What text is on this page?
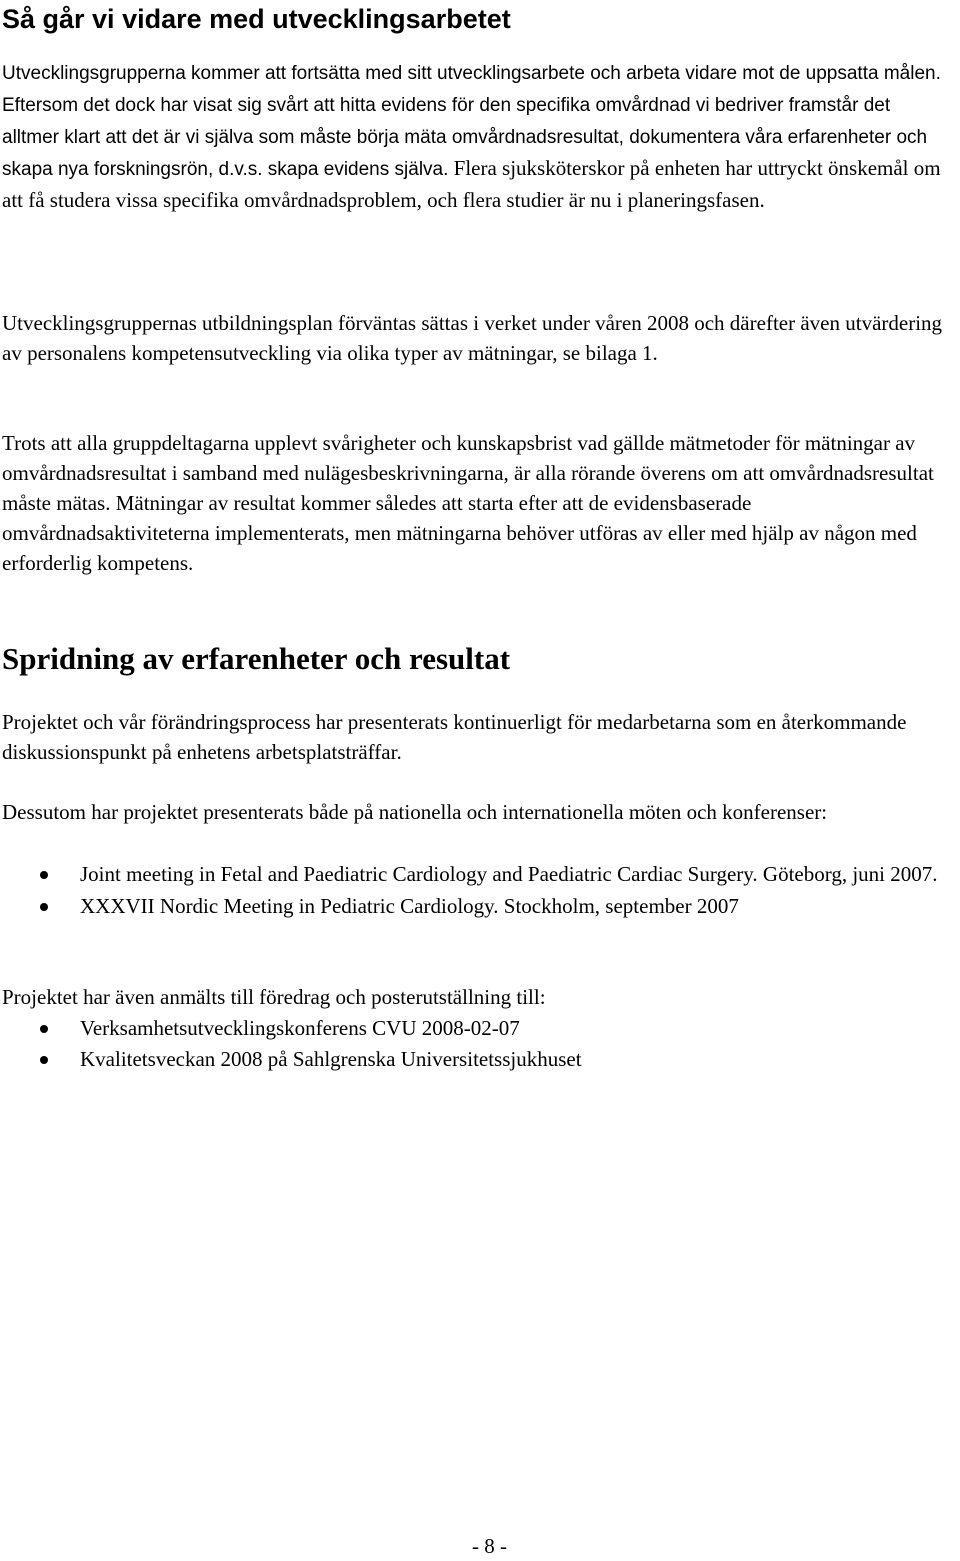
Så går vi vidare med utvecklingsarbetet

Utvecklingsgrupperna kommer att fortsätta med sitt utvecklingsarbete och arbeta vidare mot de uppsatta målen. Eftersom det dock har visat sig svårt att hitta evidens för den specifika omvårdnad vi bedriver framstår det alltmer klart att det är vi själva som måste börja mäta omvårdnadsresultat, dokumentera våra erfarenheter och skapa nya forskningsrön, d.v.s. skapa evidens själva. Flera sjuksköterskor på enheten har uttryckt önskemål om att få studera vissa specifika omvårdnadsproblem, och flera studier är nu i planeringsfasen.

Utvecklingsgruppernas utbildningsplan förväntas sättas i verket under våren 2008 och därefter även utvärdering av personalens kompetensutveckling via olika typer av mätningar, se bilaga 1.

Trots att alla gruppdeltagarna upplevt svårigheter och kunskapsbrist vad gällde mätmetoder för mätningar av omvårdnadsresultat i samband med nulägesbeskrivningarna, är alla rörande överens om att omvårdnadsresultat måste mätas. Mätningar av resultat kommer således att starta efter att de evidensbaserade omvårdnadsaktiviteterna implementerats, men mätningarna behöver utföras av eller med hjälp av någon med erforderlig kompetens.

Spridning av erfarenheter och resultat

Projektet och vår förändringsprocess har presenterats kontinuerligt för medarbetarna som en återkommande diskussionspunkt på enhetens arbetsplatsträffar.

Dessutom har projektet presenterats både på nationella och internationella möten och konferenser:

Joint meeting in Fetal and Paediatric Cardiology and Paediatric Cardiac Surgery. Göteborg, juni 2007.
XXXVII Nordic Meeting in Pediatric Cardiology. Stockholm, september 2007

Projektet har även anmälts till föredrag och posterutställning till:

Verksamhetsutvecklingskonferens CVU 2008-02-07
Kvalitetsveckan 2008 på Sahlgrenska Universitetssjukhuset
- 8 -
